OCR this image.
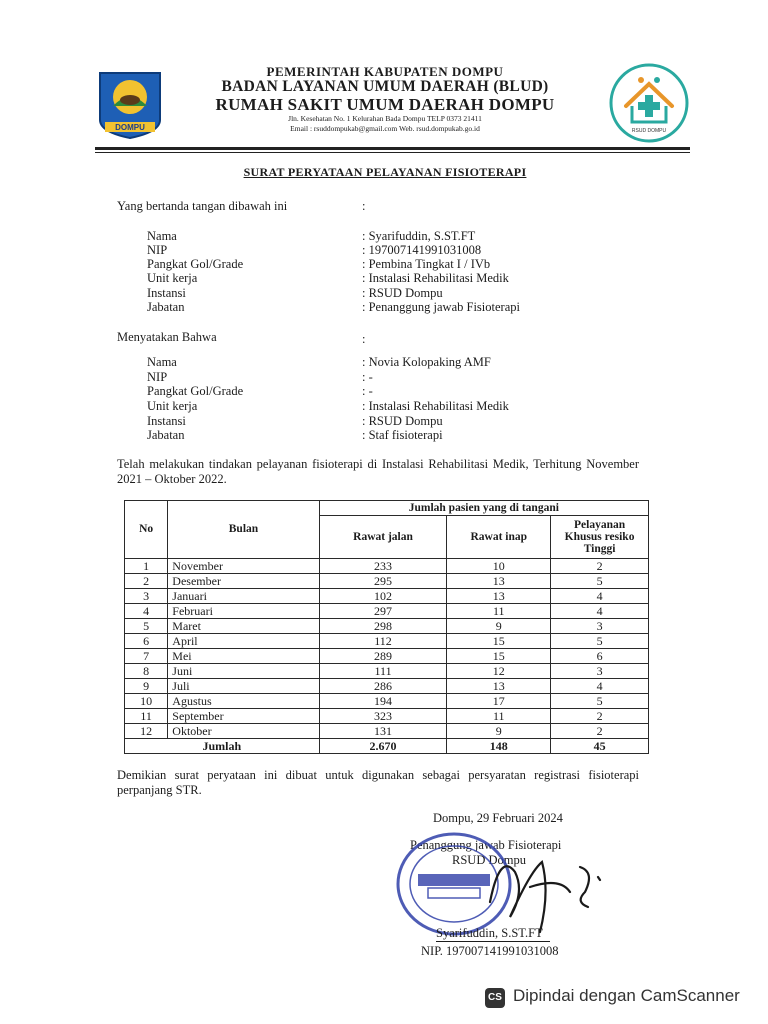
DOMPU
PEMERINTAH KABUPATEN DOMPU
BADAN LAYANAN UMUM DAERAH (BLUD)
RUMAH SAKIT UMUM DAERAH DOMPU
Jln. Kesehatan No. 1 Kelurahan Bada Dompu TELP 0373 21411
Email : rsuddompukab@gmail.com Web. rsud.dompukab.go.id	RSUD DOMPU
SURAT PERYATAAN PELAYANAN FISIOTERAPI
Yang bertanda tangan dibawah ini	:
Nama	: Syarifuddin, S.ST.FT
NIP	: 197007141991031008
Pangkat Gol/Grade	: Pembina Tingkat I / IVb
Unit kerja	: Instalasi Rehabilitasi Medik
Instansi	: RSUD Dompu
Jabatan	: Penanggung jawab Fisioterapi
Menyatakan Bahwa	:
Nama	: Novia Kolopaking AMF
NIP	: -
Pangkat Gol/Grade	: -
Unit kerja	: Instalasi Rehabilitasi Medik
Instansi	: RSUD Dompu
Jabatan	: Staf fisioterapi
Telah melakukan tindakan pelayanan fisioterapi di Instalasi Rehabilitasi Medik, Terhitung November 2021 – Oktober 2022.
No	Bulan	Jumlah pasien yang di tangani		
		Rawat jalan	Rawat inap	Pelayanan Khusus resiko Tinggi
1	November	233	10	2
2	Desember	295	13	5
3	Januari	102	13	4
4	Februari	297	11	4
5	Maret	298	9	3
6	April	112	15	5
7	Mei	289	15	6
8	Juni	111	12	3
9	Juli	286	13	4
10	Agustus	194	17	5
11	September	323	11	2
12	Oktober	131	9	2
Jumlah		2.670	148	45
Demikian surat peryataan ini dibuat untuk digunakan sebagai persyaratan registrasi fisioterapi perpanjang STR.
Dompu, 29 Februari 2024
Penanggung jawab Fisioterapi
RSUD Dompu
Syarifuddin, S.ST.FT
NIP. 197007141991031008
CS Dipindai dengan CamScanner
